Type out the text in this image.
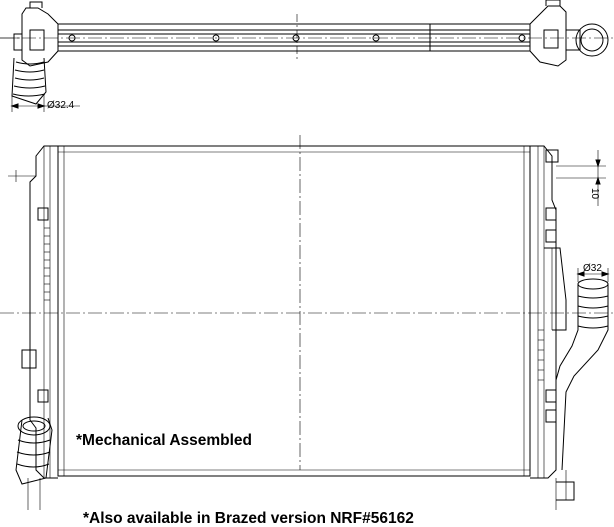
Ø32.4
10
Ø32
*Mechanical Assembled
*Also available in Brazed version NRF#56162
